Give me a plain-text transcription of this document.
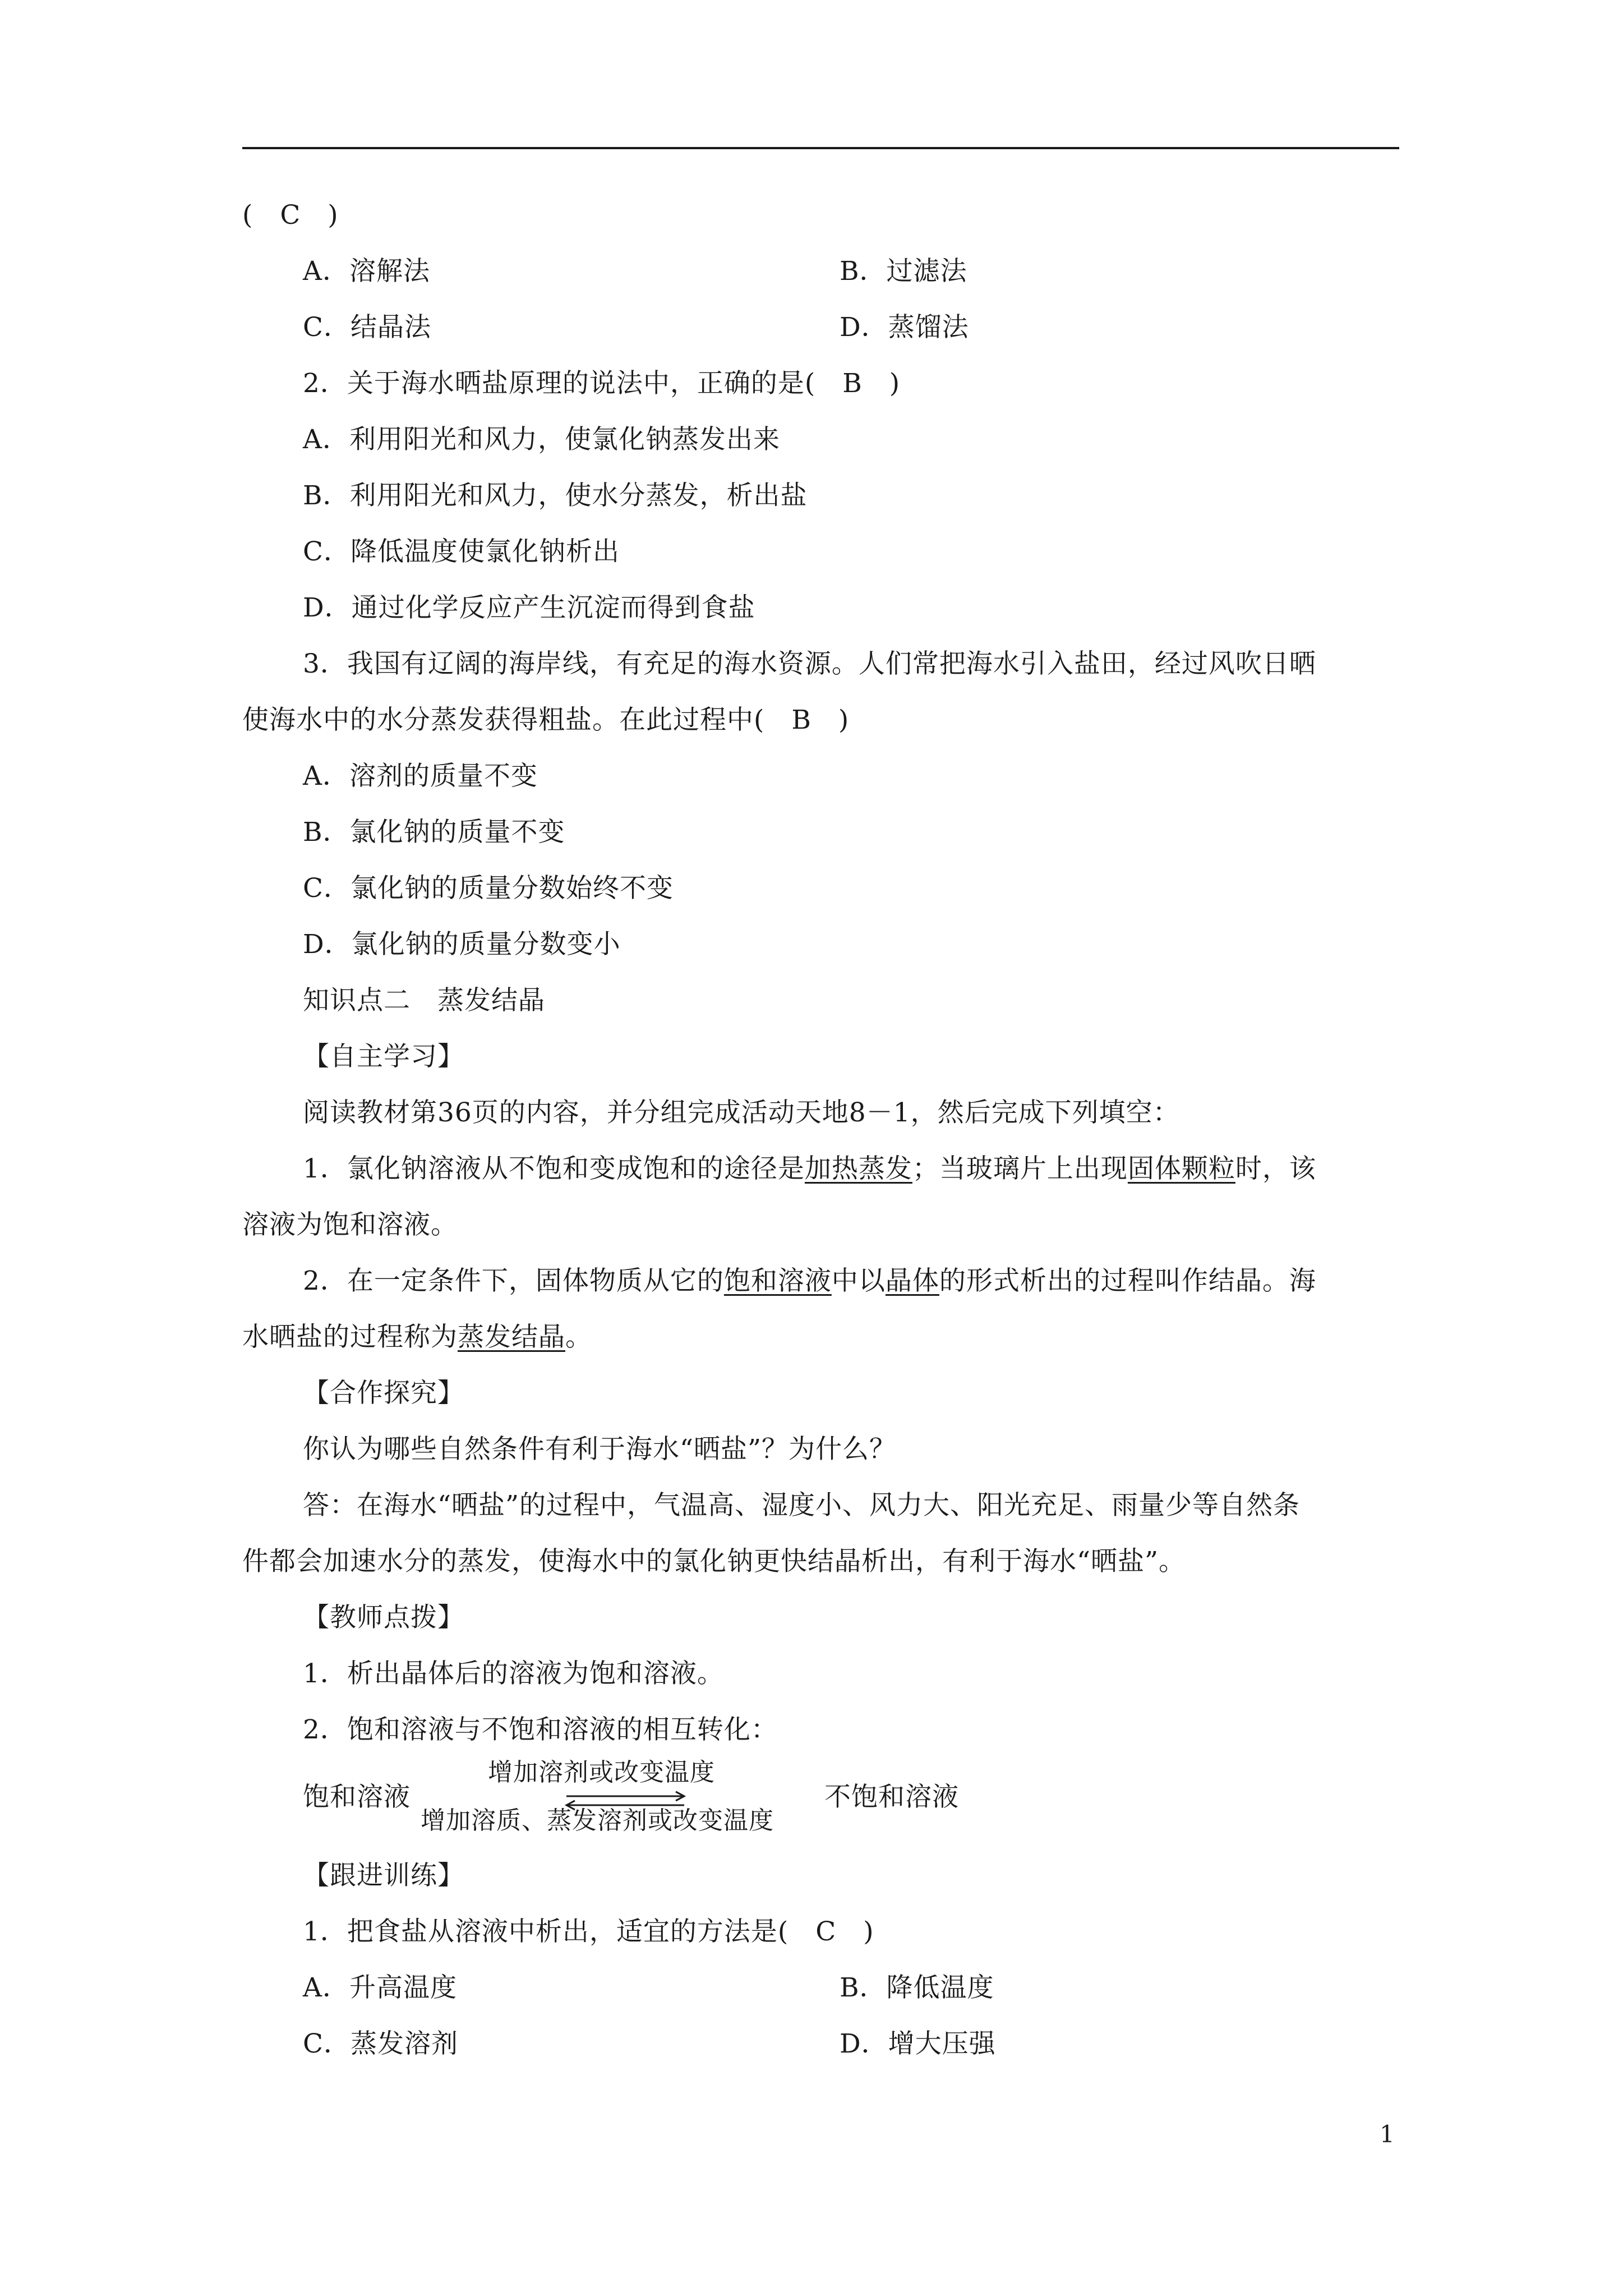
(　C　)
A．溶解法	B．过滤法
C．结晶法	D．蒸馏法
2．关于海水晒盐原理的说法中，正确的是(　B　)
A．利用阳光和风力，使氯化钠蒸发出来
B．利用阳光和风力，使水分蒸发，析出盐
C．降低温度使氯化钠析出
D．通过化学反应产生沉淀而得到食盐
3．我国有辽阔的海岸线，有充足的海水资源。人们常把海水引入盐田，经过风吹日晒
使海水中的水分蒸发获得粗盐。在此过程中(　B　)
A．溶剂的质量不变
B．氯化钠的质量不变
C．氯化钠的质量分数始终不变
D．氯化钠的质量分数变小
知识点二　蒸发结晶
【自主学习】
阅读教材第36页的内容，并分组完成活动天地8－1，然后完成下列填空：
1．氯化钠溶液从不饱和变成饱和的途径是加热蒸发；当玻璃片上出现固体颗粒时，该
溶液为饱和溶液。
2．在一定条件下，固体物质从它的饱和溶液中以晶体的形式析出的过程叫作结晶。海
水晒盐的过程称为蒸发结晶。
【合作探究】
你认为哪些自然条件有利于海水“晒盐”？为什么？
答：在海水“晒盐”的过程中，气温高、湿度小、风力大、阳光充足、雨量少等自然条
件都会加速水分的蒸发，使海水中的氯化钠更快结晶析出，有利于海水“晒盐”。
【教师点拨】
1．析出晶体后的溶液为饱和溶液。
2．饱和溶液与不饱和溶液的相互转化：
饱和溶液
增加溶剂或改变温度
增加溶质、蒸发溶剂或改变温度
不饱和溶液
【跟进训练】
1．把食盐从溶液中析出，适宜的方法是(　C　)
A．升高温度	B．降低温度
C．蒸发溶剂	D．增大压强
1
